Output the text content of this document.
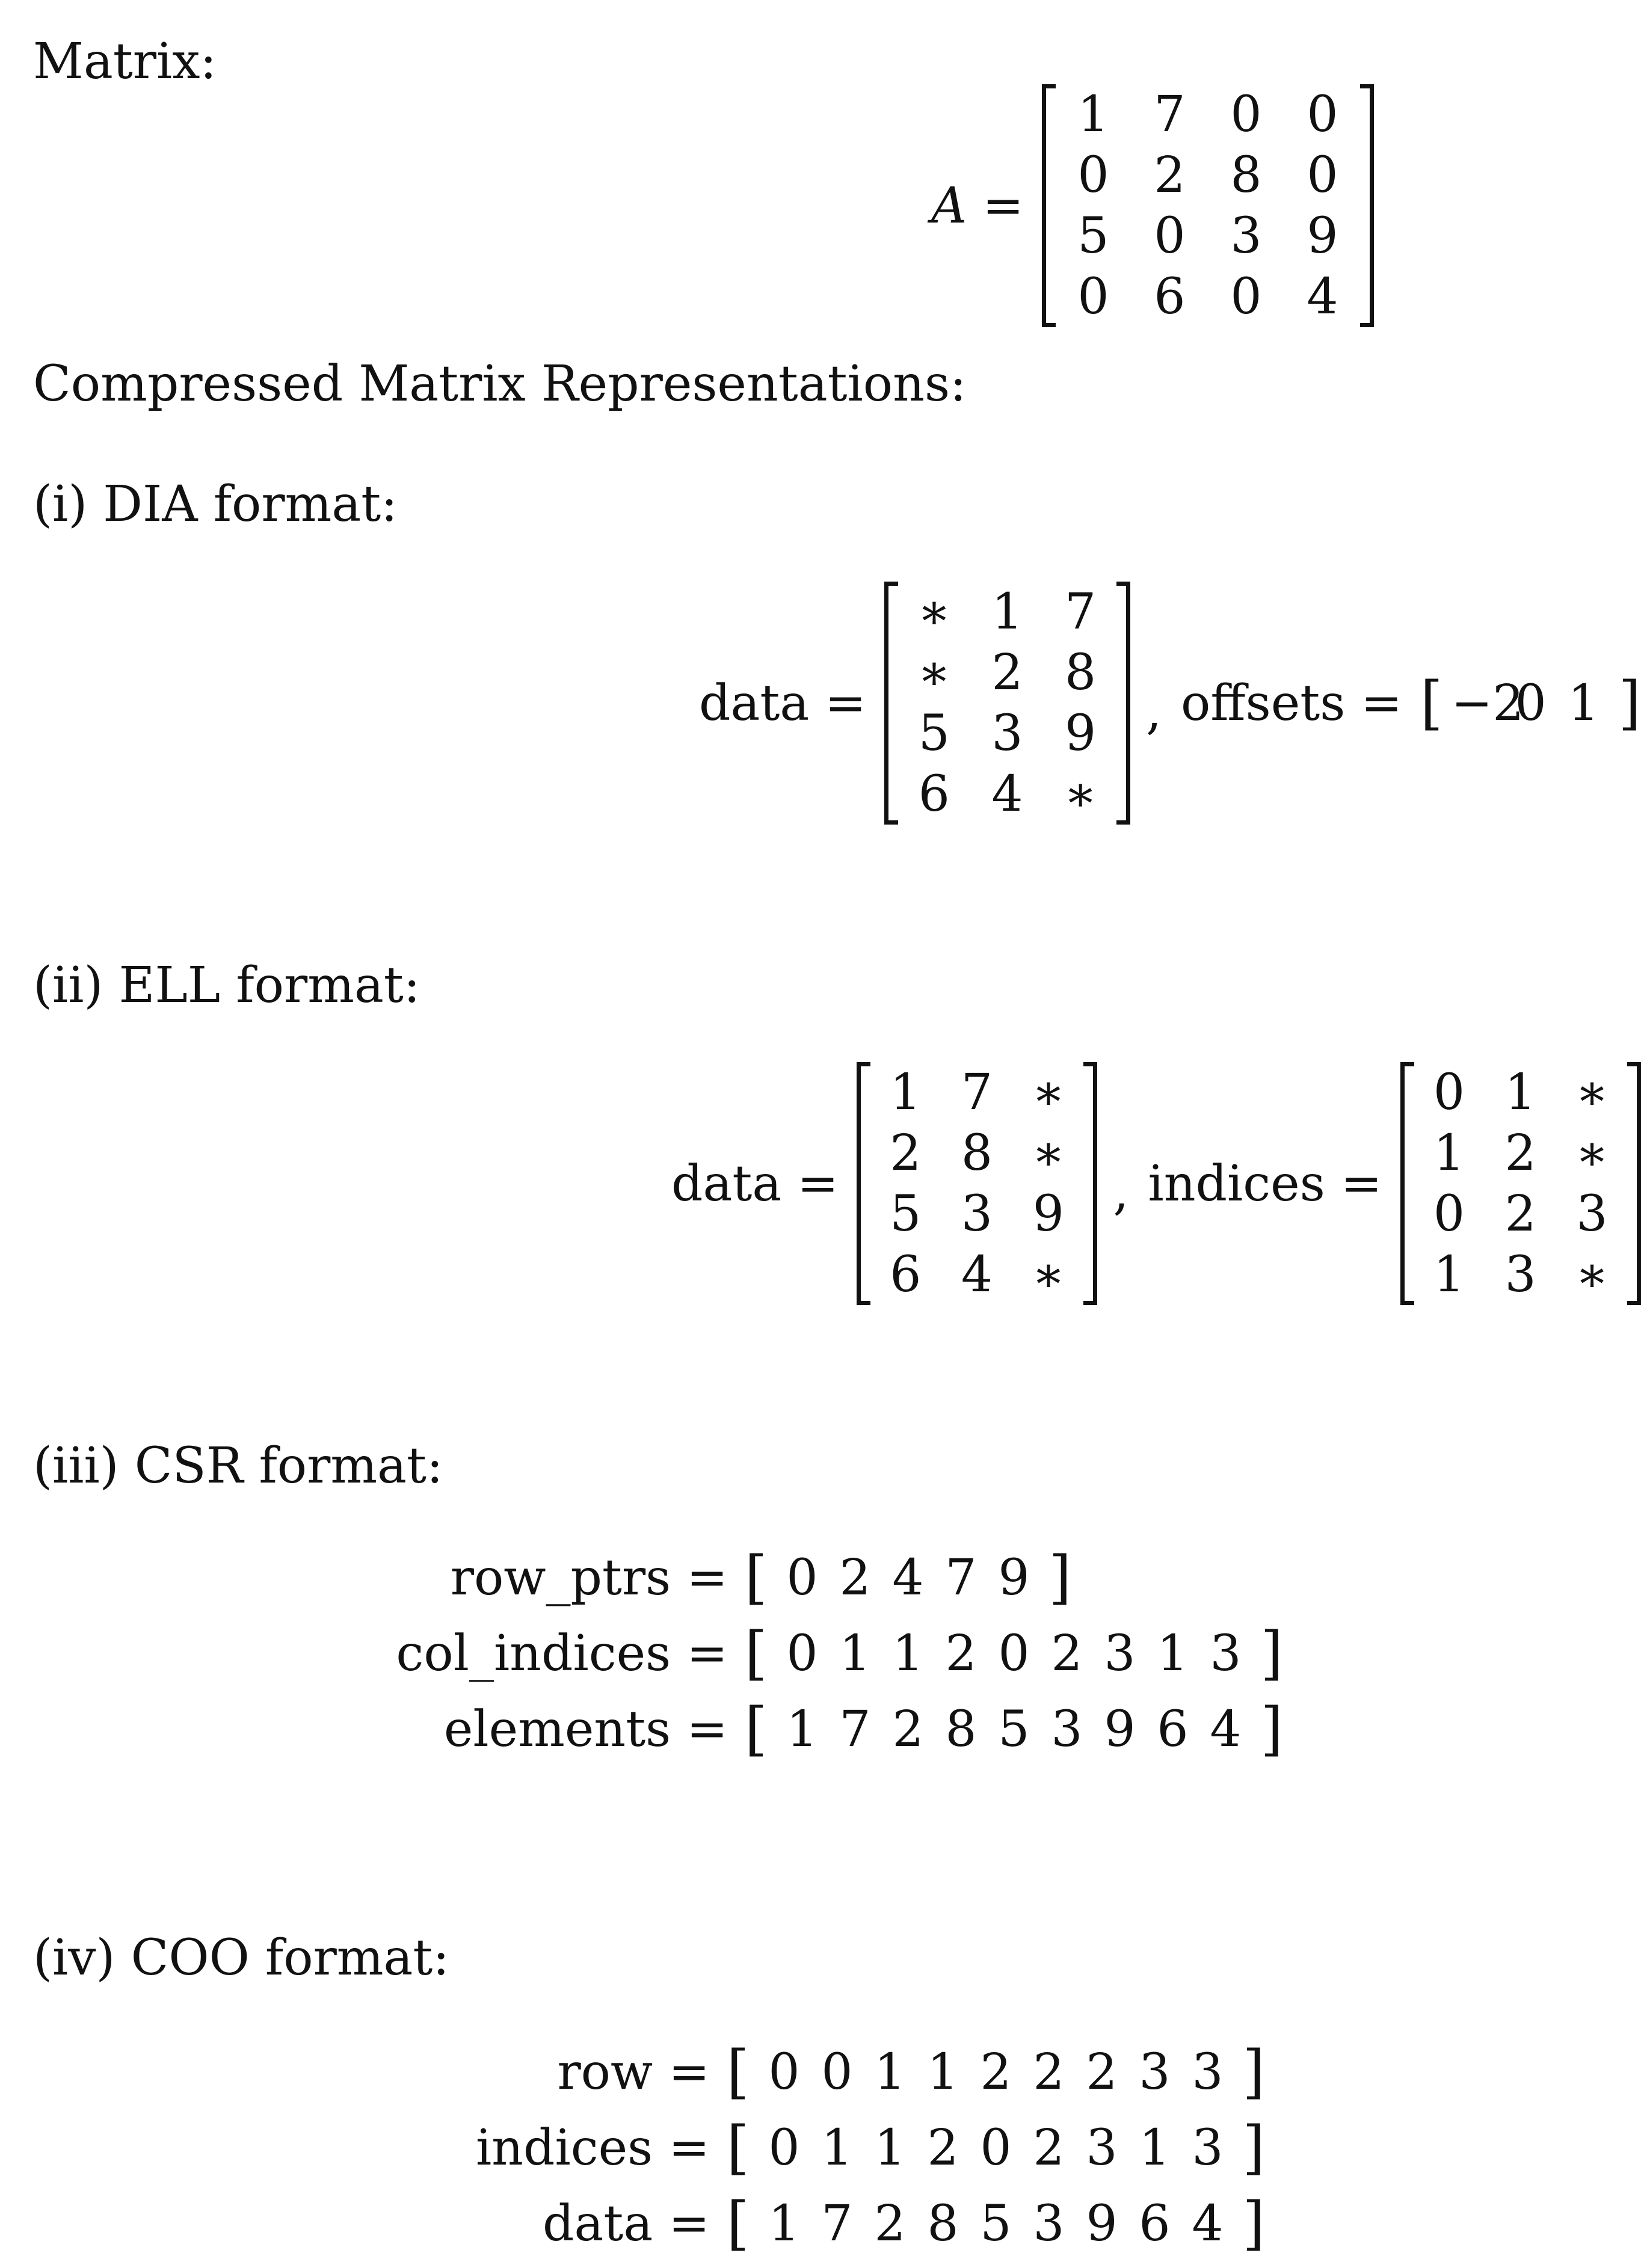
Matrix:
Compressed Matrix Representations:
(i) DIA format:
(ii) ELL format:
(iii) CSR format:
(iv) COO format:
A =
1	7	0	0
0	2	8	0
5	0	3	9
0	6	0	4
data =
∗	1	7
∗	2	8
5	3	9
6	4	∗
, offsets = [ −20 1 ]
data =
1	7	∗
2	8	∗
5	3	9
6	4	∗
, indices =
0	1	∗
1	2	∗
0	2	3
1	3	∗
row_ptrs = [ 0 2 4 7 9 ]
col_indices = [ 0 1 1 2 0 2 3 1 3 ]
elements = [ 1 7 2 8 5 3 9 6 4 ]
row = [ 0 0 1 1 2 2 2 3 3 ]
indices = [ 0 1 1 2 0 2 3 1 3 ]
data = [ 1 7 2 8 5 3 9 6 4 ]
